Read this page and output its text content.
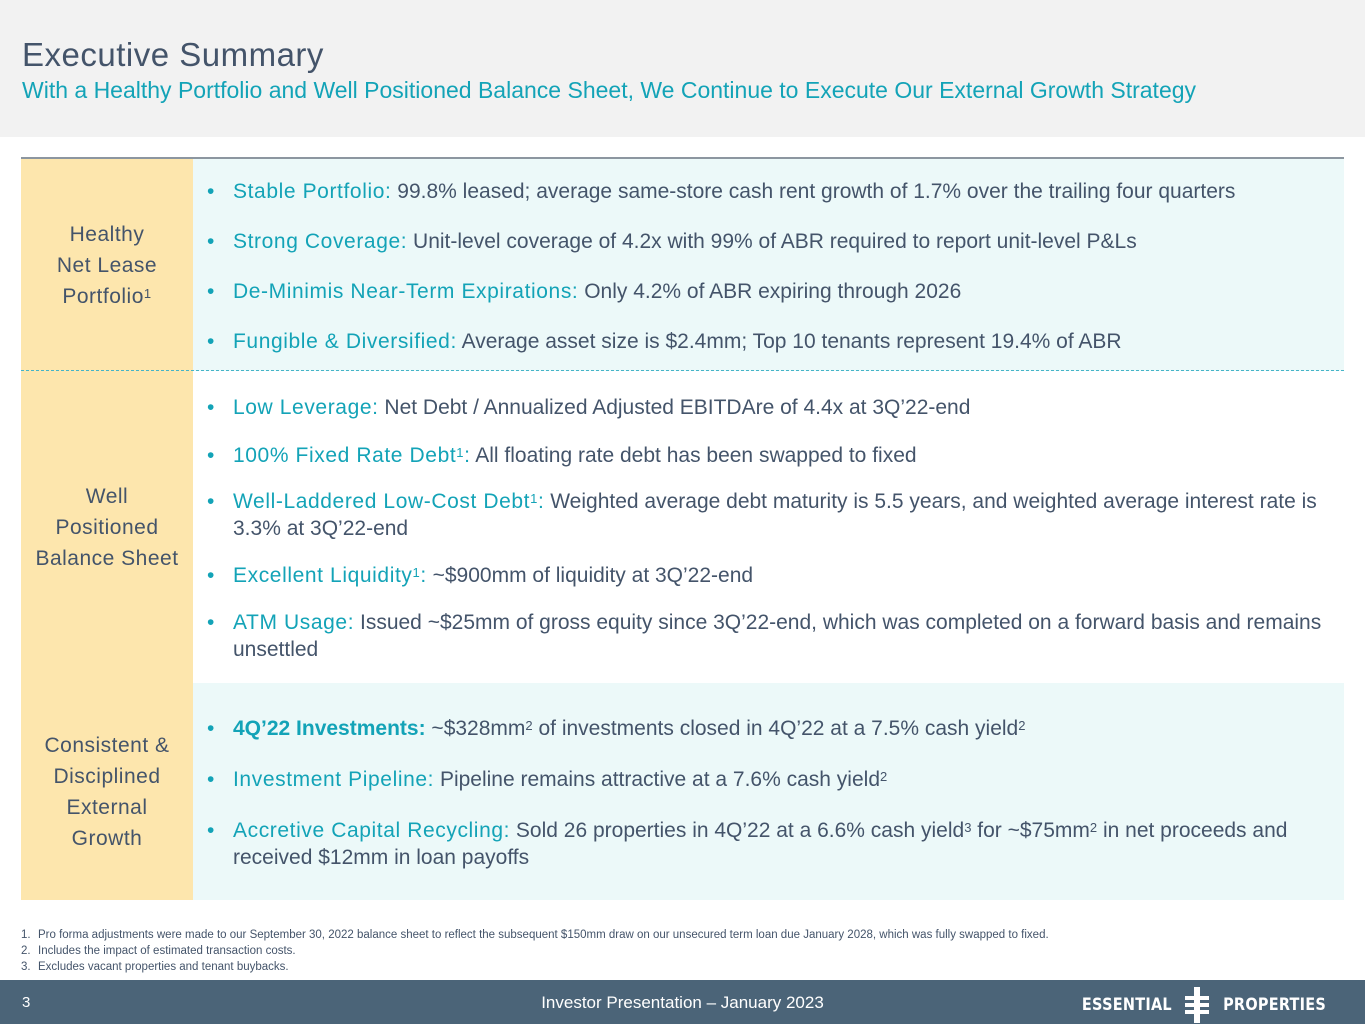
Executive Summary
With a Healthy Portfolio and Well Positioned Balance Sheet, We Continue to Execute Our External Growth Strategy
Healthy
Net Lease
Portfolio$^1$
• Stable Portfolio: 99.8% leased; average same-store cash rent growth of 1.7% over the trailing four quarters
• Strong Coverage: Unit-level coverage of 4.2x with 99% of ABR required to report unit-level P&Ls
• De-Minimis Near-Term Expirations: Only 4.2% of ABR expiring through 2026
• Fungible & Diversified: Average asset size is $2.4mm; Top 10 tenants represent 19.4% of ABR
Well
Positioned
Balance Sheet
• Low Leverage: Net Debt / Annualized Adjusted EBITDAre of 4.4x at 3Q’22-end
• 100% Fixed Rate Debt$^1$: All floating rate debt has been swapped to fixed
• Well-Laddered Low-Cost Debt$^1$: Weighted average debt maturity is 5.5 years, and weighted average interest rate is 3.3% at 3Q’22-end
• Excellent Liquidity$^1$: ~$900mm of liquidity at 3Q’22-end
• ATM Usage: Issued ~$25mm of gross equity since 3Q’22-end, which was completed on a forward basis and remains unsettled
Consistent &
Disciplined
External
Growth
• 4Q’22 Investments: $\sim\$328mm^2$ of investments closed in 4Q’22 at a 7.5% cash yield$^2$
• Investment Pipeline: Pipeline remains attractive at a 7.6% cash yield$^2$
• Accretive Capital Recycling: Sold 26 properties in 4Q’22 at a 6.6% cash yield$^3$ for $\sim\$75mm^2$ in net proceeds and received $12mm in loan payoffs
1. Pro forma adjustments were made to our September 30, 2022 balance sheet to reflect the subsequent $150mm draw on our unsecured term loan due January 2028, which was fully swapped to fixed.
2. Includes the impact of estimated transaction costs.
3. Excludes vacant properties and tenant buybacks.
3	Investor Presentation – January 2023	ESSENTIAL	PROPERTIES
